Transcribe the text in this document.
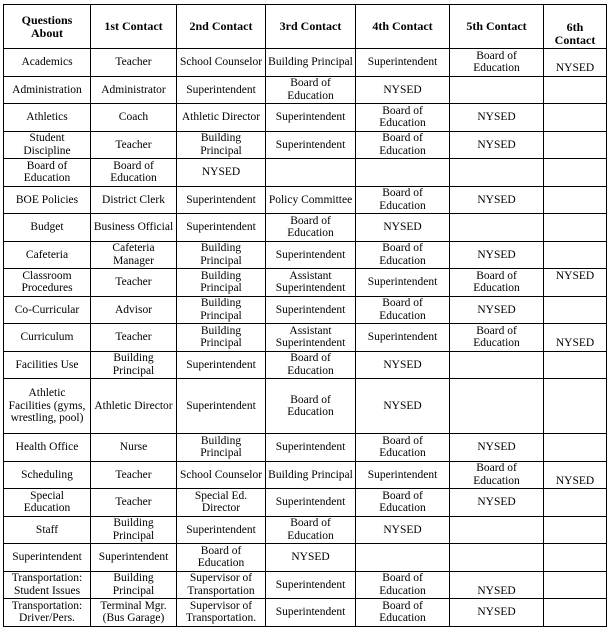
Questions About	1st Contact	2nd Contact	3rd Contact	4th Contact	5th Contact	6th Contact
Academics	Teacher	School Counselor	Building Principal	Superintendent	Board of Education	NYSED
Administration	Administrator	Superintendent	Board of Education	NYSED		
Athletics	Coach	Athletic Director	Superintendent	Board of Education	NYSED	
Student Discipline	Teacher	Building Principal	Superintendent	Board of Education	NYSED	
Board of Education	Board of Education	NYSED				
BOE Policies	District Clerk	Superintendent	Policy Committee	Board of Education	NYSED	
Budget	Business Official	Superintendent	Board of Education	NYSED		
Cafeteria	Cafeteria Manager	Building Principal	Superintendent	Board of Education	NYSED	
Classroom Procedures	Teacher	Building Principal	Assistant Superintendent	Superintendent	Board of Education	NYSED
Co-Curricular	Advisor	Building Principal	Superintendent	Board of Education	NYSED	
Curriculum	Teacher	Building Principal	Assistant Superintendent	Superintendent	Board of Education	NYSED
Facilities Use	Building Principal	Superintendent	Board of Education	NYSED		
Athletic Facilities (gyms, wrestling, pool)	Athletic Director	Superintendent	Board of Education	NYSED		
Health Office	Nurse	Building Principal	Superintendent	Board of Education	NYSED	
Scheduling	Teacher	School Counselor	Building Principal	Superintendent	Board of Education	NYSED
Special Education	Teacher	Special Ed. Director	Superintendent	Board of Education	NYSED	
Staff	Building Principal	Superintendent	Board of Education	NYSED		
Superintendent	Superintendent	Board of Education	NYSED			
Transportation: Student Issues	Building Principal	Supervisor of Transportation	Superintendent	Board of Education	NYSED	
Transportation: Driver/Pers.	Terminal Mgr. (Bus Garage)	Supervisor of Transportation.	Superintendent	Board of Education	NYSED	
